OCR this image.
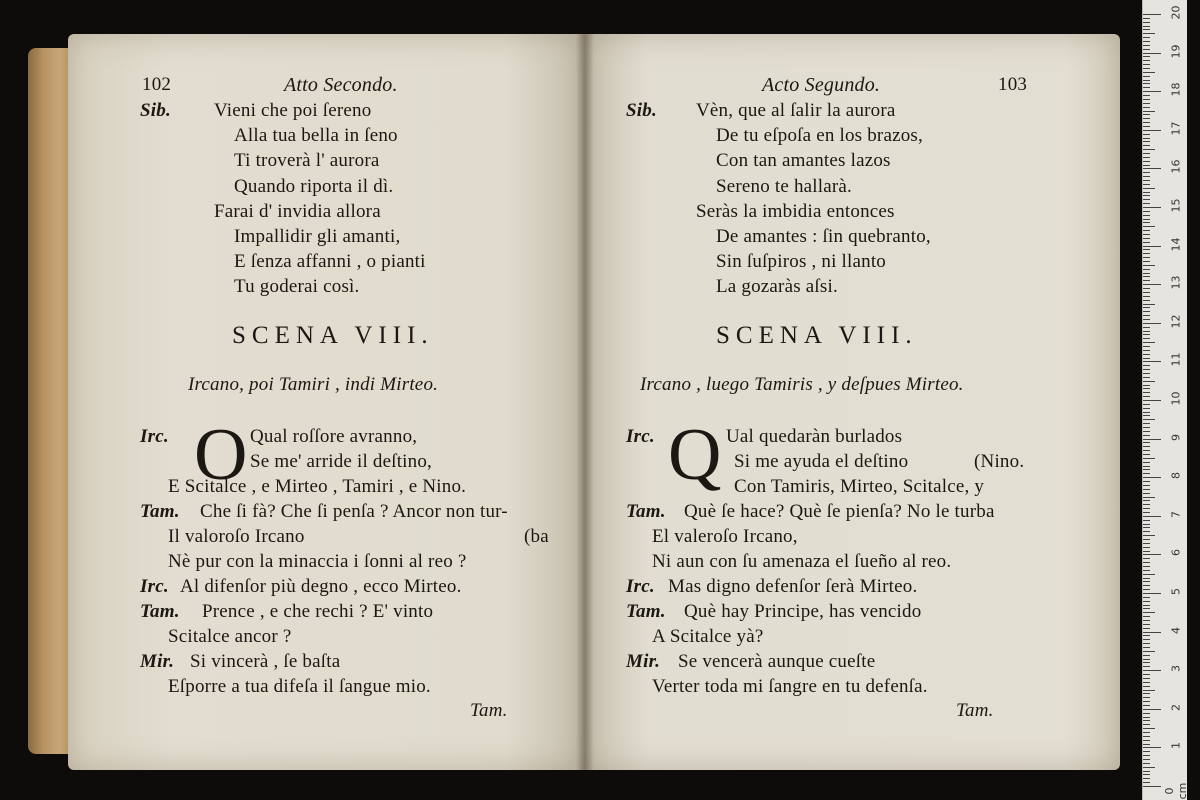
102	Atto Secondo.
Sib. Vieni che poi ſereno
Alla tua bella in ſeno
Ti troverà l' aurora
Quando riporta il dì.
Farai d' invidia allora
Impallidir gli amanti,
E ſenza affanni , o pianti
Tu goderai così.
SCENA VIII.
Ircano, poi Tamiri , indi Mirteo.
Irc. O Qual roſſore avranno,
Se me' arride il deſtino,
E Scitalce , e Mirteo , Tamiri , e Nino.
Tam. Che ſi fà? Che ſi penſa ? Ancor non tur-
Il valoroſo Ircano	(ba
Nè pur con la minaccia i ſonni al reo ?
Irc. Al difenſor più degno , ecco Mirteo.
Tam. Prence , e che rechi ? E' vinto
Scitalce ancor ?
Mir. Si vincerà , ſe baſta
Eſporre a tua difeſa il ſangue mio.
Tam.
Acto Segundo.	103
Sib. Vèn, que al ſalir la aurora
De tu eſpoſa en los brazos,
Con tan amantes lazos
Sereno te hallarà.
Seràs la imbidia entonces
De amantes : ſin quebranto,
Sin ſuſpiros , ni llanto
La gozaràs aſsi.
SCENA VIII.
Ircano , luego Tamiris , y deſpues Mirteo.
Irc. Q Ual quedaràn burlados
Si me ayuda el deſtino	(Nino.
Con Tamiris, Mirteo, Scitalce, y
Tam. Què ſe hace? Què ſe pienſa? No le turba
El valeroſo Ircano,
Ni aun con ſu amenaza el ſueño al reo.
Irc. Mas digno defenſor ſerà Mirteo.
Tam. Què hay Principe, has vencido
A Scitalce yà?
Mir. Se vencerà aunque cueſte
Verter toda mi ſangre en tu defenſa.
Tam.
20
19
18
17
16
15
14
13
12
11
10
9
8
7
6
5
4
3
2
1
0 cm
